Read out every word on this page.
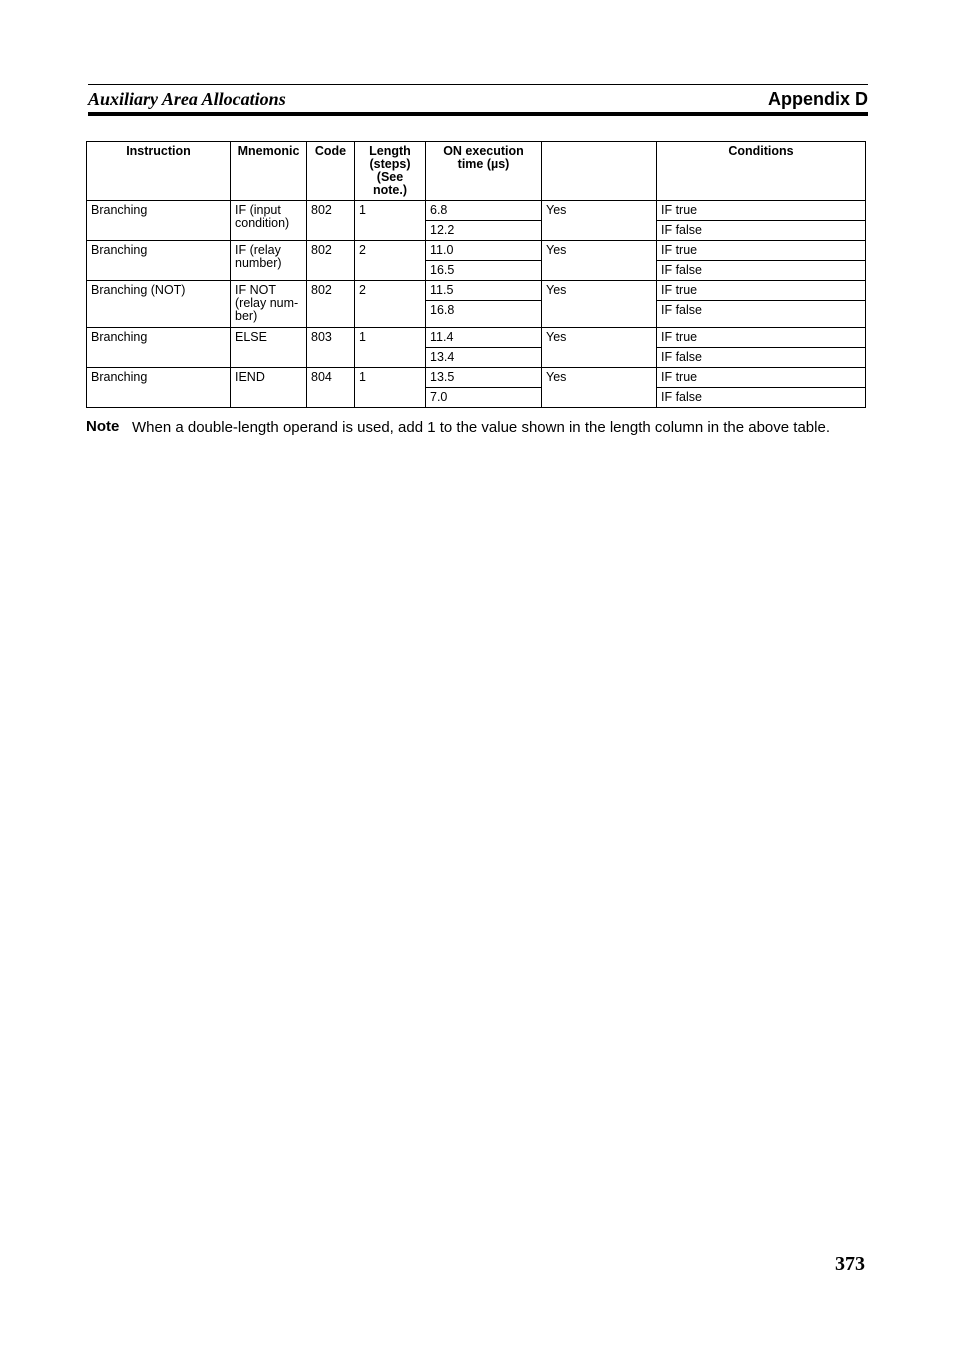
Auxiliary Area Allocations	Appendix D
Instruction	Mnemonic	Code	Length (steps) (See note.)	ON execution time (µs)		Conditions
Branching	IF (input condition)	802	1	6.8	Yes	IF true
				12.2		IF false
Branching	IF (relay number)	802	2	11.0	Yes	IF true
				16.5		IF false
Branching (NOT)	IF NOT (relay num-ber)	802	2	11.5	Yes	IF true
				16.8		IF false
Branching	ELSE	803	1	11.4	Yes	IF true
				13.4		IF false
Branching	IEND	804	1	13.5	Yes	IF true
				7.0		IF false
Note When a double-length operand is used, add 1 to the value shown in the length column in the above table.
373
